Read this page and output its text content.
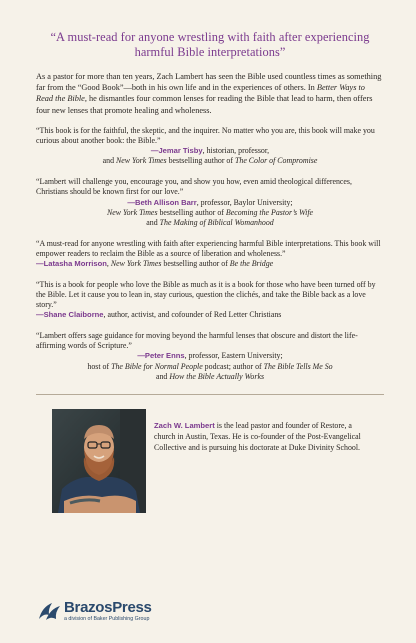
“A must-read for anyone wrestling with faith after experiencing harmful Bible interpretations”

As a pastor for more than ten years, Zach Lambert has seen the Bible used countless times as something far from the “Good Book”—both in his own life and in the experiences of others. In Better Ways to Read the Bible, he dismantles four common lenses for reading the Bible that lead to harm, then offers four new lenses that promote healing and wholeness.

“This book is for the faithful, the skeptic, and the inquirer. No matter who you are, this book will make you curious about another book: the Bible.”

—Jemar Tisby, historian, professor,

and New York Times bestselling author of The Color of Compromise

“Lambert will challenge you, encourage you, and show you how, even amid theological differences, Christians should be known first for our love.”

—Beth Allison Barr, professor, Baylor University;

New York Times bestselling author of Becoming the Pastor’s Wife

and The Making of Biblical Womanhood

“A must-read for anyone wrestling with faith after experiencing harmful Bible interpretations. This book will empower readers to reclaim the Bible as a source of liberation and wholeness.”

—Latasha Morrison, New York Times bestselling author of Be the Bridge

“This is a book for people who love the Bible as much as it is a book for those who have been turned off by the Bible. Let it cause you to lean in, stay curious, question the clichés, and take the Bible back as a love story.”

—Shane Claiborne, author, activist, and cofounder of Red Letter Christians

“Lambert offers sage guidance for moving beyond the harmful lenses that obscure and distort the life-affirming words of Scripture.”

—Peter Enns, professor, Eastern University;

host of The Bible for Normal People podcast; author of The Bible Tells Me So

and How the Bible Actually Works

Zach W. Lambert is the lead pastor and founder of Restore, a church in Austin, Texas. He is co-founder of the Post-Evangelical Collective and is pursuing his doctorate at Duke Divinity School.

BrazosPress
a division of Baker Publishing Group
